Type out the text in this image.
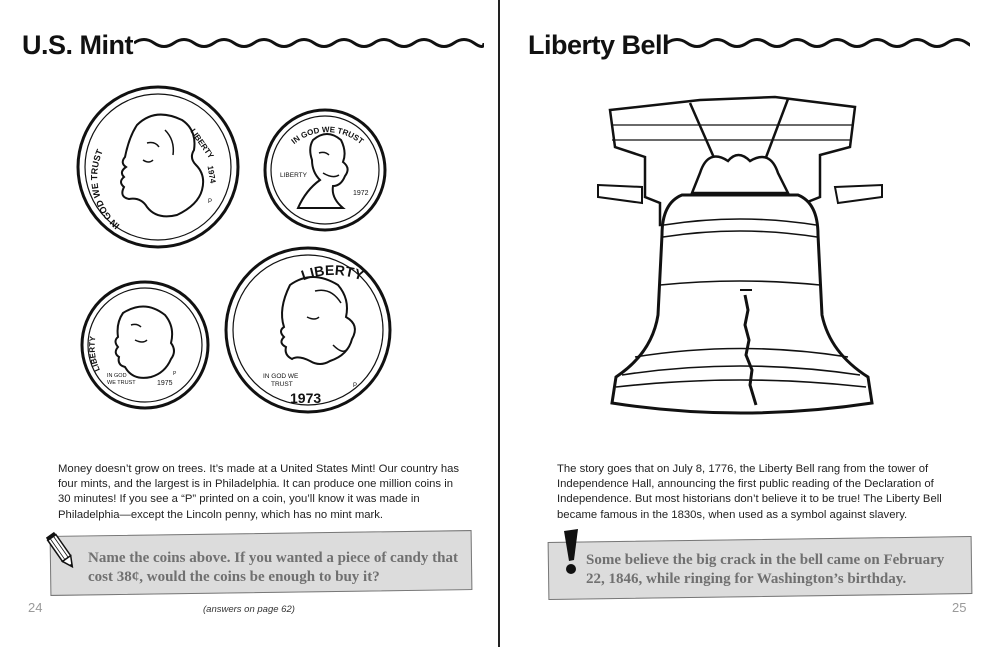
U.S. Mint
IN GOD WE TRUST	LIBERTY
1974
P
IN GOD WE TRUST
LIBERTY
1972
LIBERTY
IN GOD
WE TRUST	1975
P
LIBERTY
IN GOD WE
TRUST
1973
P
Money doesn’t grow on trees. It’s made at a United States Mint! Our country has four mints, and the largest is in Philadelphia. It can produce one million coins in 30 minutes! If you see a “P” printed on a coin, you’ll know it was made in Philadelphia—except the Lincoln penny, which has no mint mark.
Name the coins above. If you wanted a piece of candy that cost 38¢, would the coins be enough to buy it?
24	(answers on page 62)
Liberty Bell
The story goes that on July 8, 1776, the Liberty Bell rang from the tower of Independence Hall, announcing the first public reading of the Declaration of Independence. But most historians don’t believe it to be true! The Liberty Bell became famous in the 1830s, when used as a symbol against slavery.
Some believe the big crack in the bell came on February 22, 1846, while ringing for Washington’s birthday.
25
